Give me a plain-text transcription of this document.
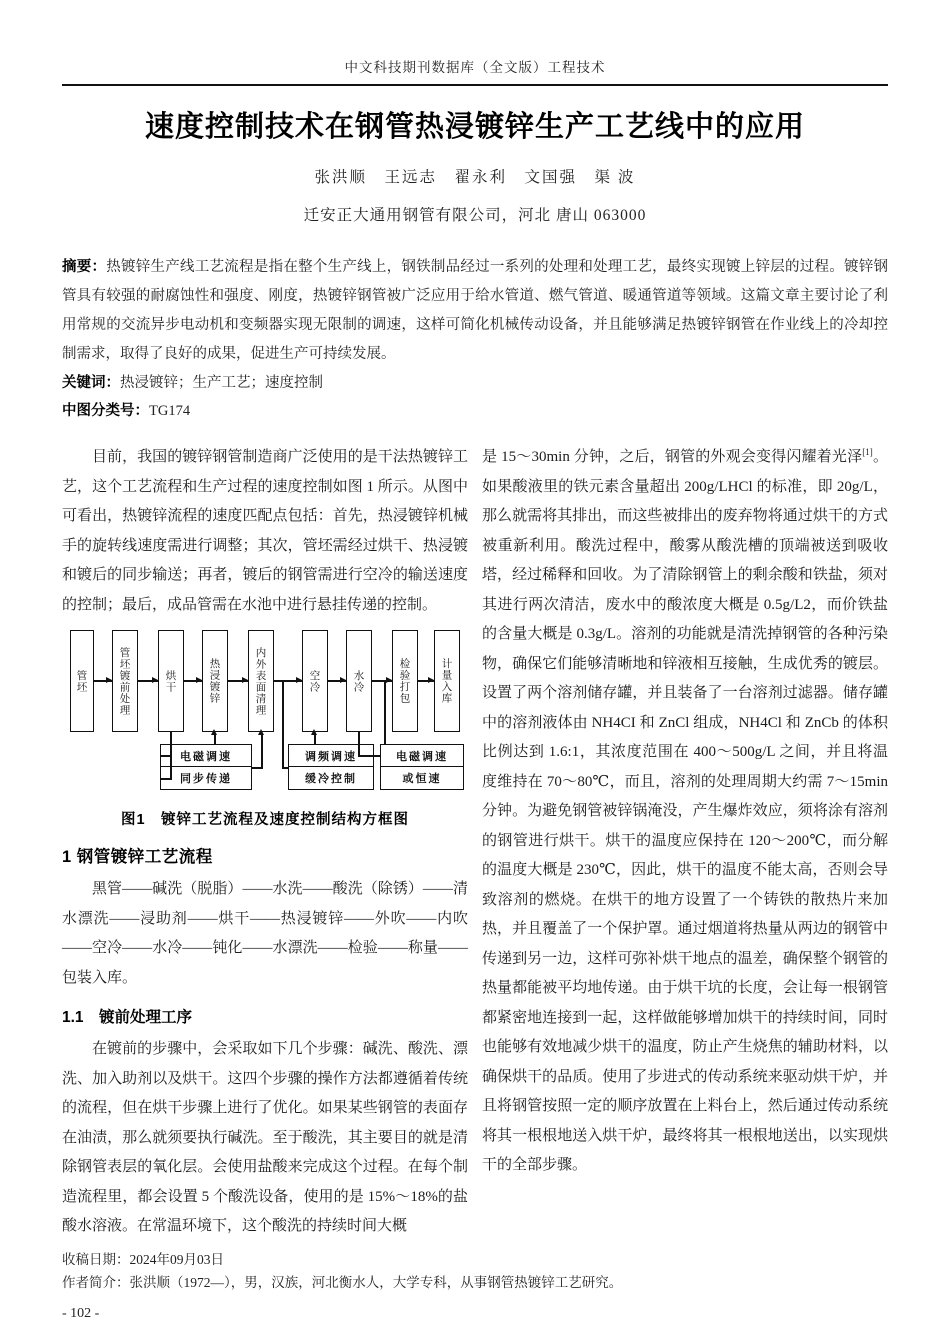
中文科技期刊数据库（全文版）工程技术
速度控制技术在钢管热浸镀锌生产工艺线中的应用
张洪顺　王远志　翟永利　文国强　渠 波
迁安正大通用钢管有限公司，河北 唐山 063000
摘要：热镀锌生产线工艺流程是指在整个生产线上，钢铁制品经过一系列的处理和处理工艺，最终实现镀上锌层的过程。镀锌钢管具有较强的耐腐蚀性和强度、刚度，热镀锌钢管被广泛应用于给水管道、燃气管道、暖通管道等领域。这篇文章主要讨论了利用常规的交流异步电动机和变频器实现无限制的调速，这样可简化机械传动设备，并且能够满足热镀锌钢管在作业线上的冷却控制需求，取得了良好的成果，促进生产可持续发展。
关键词：热浸镀锌；生产工艺；速度控制
中图分类号：TG174

目前，我国的镀锌钢管制造商广泛使用的是干法热镀锌工艺，这个工艺流程和生产过程的速度控制如图 1 所示。从图中可看出，热镀锌流程的速度匹配点包括：首先，热浸镀锌机械手的旋转线速度需进行调整；其次，管坯需经过烘干、热浸镀和镀后的同步输送；再者，镀后的钢管需进行空冷的输送速度的控制；最后，成品管需在水池中进行悬挂传递的控制。

管坯	管坯镀前处理	烘干	热浸镀锌	内外表面清理	空冷	水冷	检验打包	计量入库
电磁调速
同步传递
调频调速
缓冷控制
电磁调速
或恒速
图1　镀锌工艺流程及速度控制结构方框图
1 钢管镀锌工艺流程

黑管——碱洗（脱脂）——水洗——酸洗（除锈）——清水漂洗——浸助剂——烘干——热浸镀锌——外吹——内吹——空冷——水冷——钝化——水漂洗——检验——称量——包装入库。

1.1　镀前处理工序

在镀前的步骤中，会采取如下几个步骤：碱洗、酸洗、漂洗、加入助剂以及烘干。这四个步骤的操作方法都遵循着传统的流程，但在烘干步骤上进行了优化。如果某些钢管的表面存在油渍，那么就须要执行碱洗。至于酸洗，其主要目的就是清除钢管表层的氧化层。会使用盐酸来完成这个过程。在每个制造流程里，都会设置 5 个酸洗设备，使用的是 15%～18%的盐酸水溶液。在常温环境下，这个酸洗的持续时间大概

是 15～30min 分钟，之后，钢管的外观会变得闪耀着光泽[1]。如果酸液里的铁元素含量超出 200g/LHCl 的标准，即 20g/L，那么就需将其排出，而这些被排出的废弃物将通过烘干的方式被重新利用。酸洗过程中，酸雾从酸洗槽的顶端被送到吸收塔，经过稀释和回收。为了清除钢管上的剩余酸和铁盐，须对其进行两次清洁，废水中的酸浓度大概是 0.5g/L2，而价铁盐的含量大概是 0.3g/L。溶剂的功能就是清洗掉钢管的各种污染物，确保它们能够清晰地和锌液相互接触，生成优秀的镀层。设置了两个溶剂储存罐，并且装备了一台溶剂过滤器。储存罐中的溶剂液体由 NH4CI 和 ZnCl 组成，NH4Cl 和 ZnCb 的体积比例达到 1.6:1，其浓度范围在 400～500g/L 之间，并且将温度维持在 70～80℃，而且，溶剂的处理周期大约需 7～15min 分钟。为避免钢管被锌锅淹没，产生爆炸效应，须将涂有溶剂的钢管进行烘干。烘干的温度应保持在 120～200℃，而分解的温度大概是 230℃，因此，烘干的温度不能太高，否则会导致溶剂的燃烧。在烘干的地方设置了一个铸铁的散热片来加热，并且覆盖了一个保护罩。通过烟道将热量从两边的钢管中传递到另一边，这样可弥补烘干地点的温差，确保整个钢管的热量都能被平均地传递。由于烘干坑的长度，会让每一根钢管都紧密地连接到一起，这样做能够增加烘干的持续时间，同时也能够有效地减少烘干的温度，防止产生烧焦的辅助材料，以确保烘干的品质。使用了步进式的传动系统来驱动烘干炉，并且将钢管按照一定的顺序放置在上料台上，然后通过传动系统将其一根根地送入烘干炉，最终将其一根根地送出，以实现烘干的全部步骤。

收稿日期：2024年09月03日
作者简介：张洪顺（1972—），男，汉族，河北衡水人，大学专科，从事钢管热镀锌工艺研究。
- 102 -
